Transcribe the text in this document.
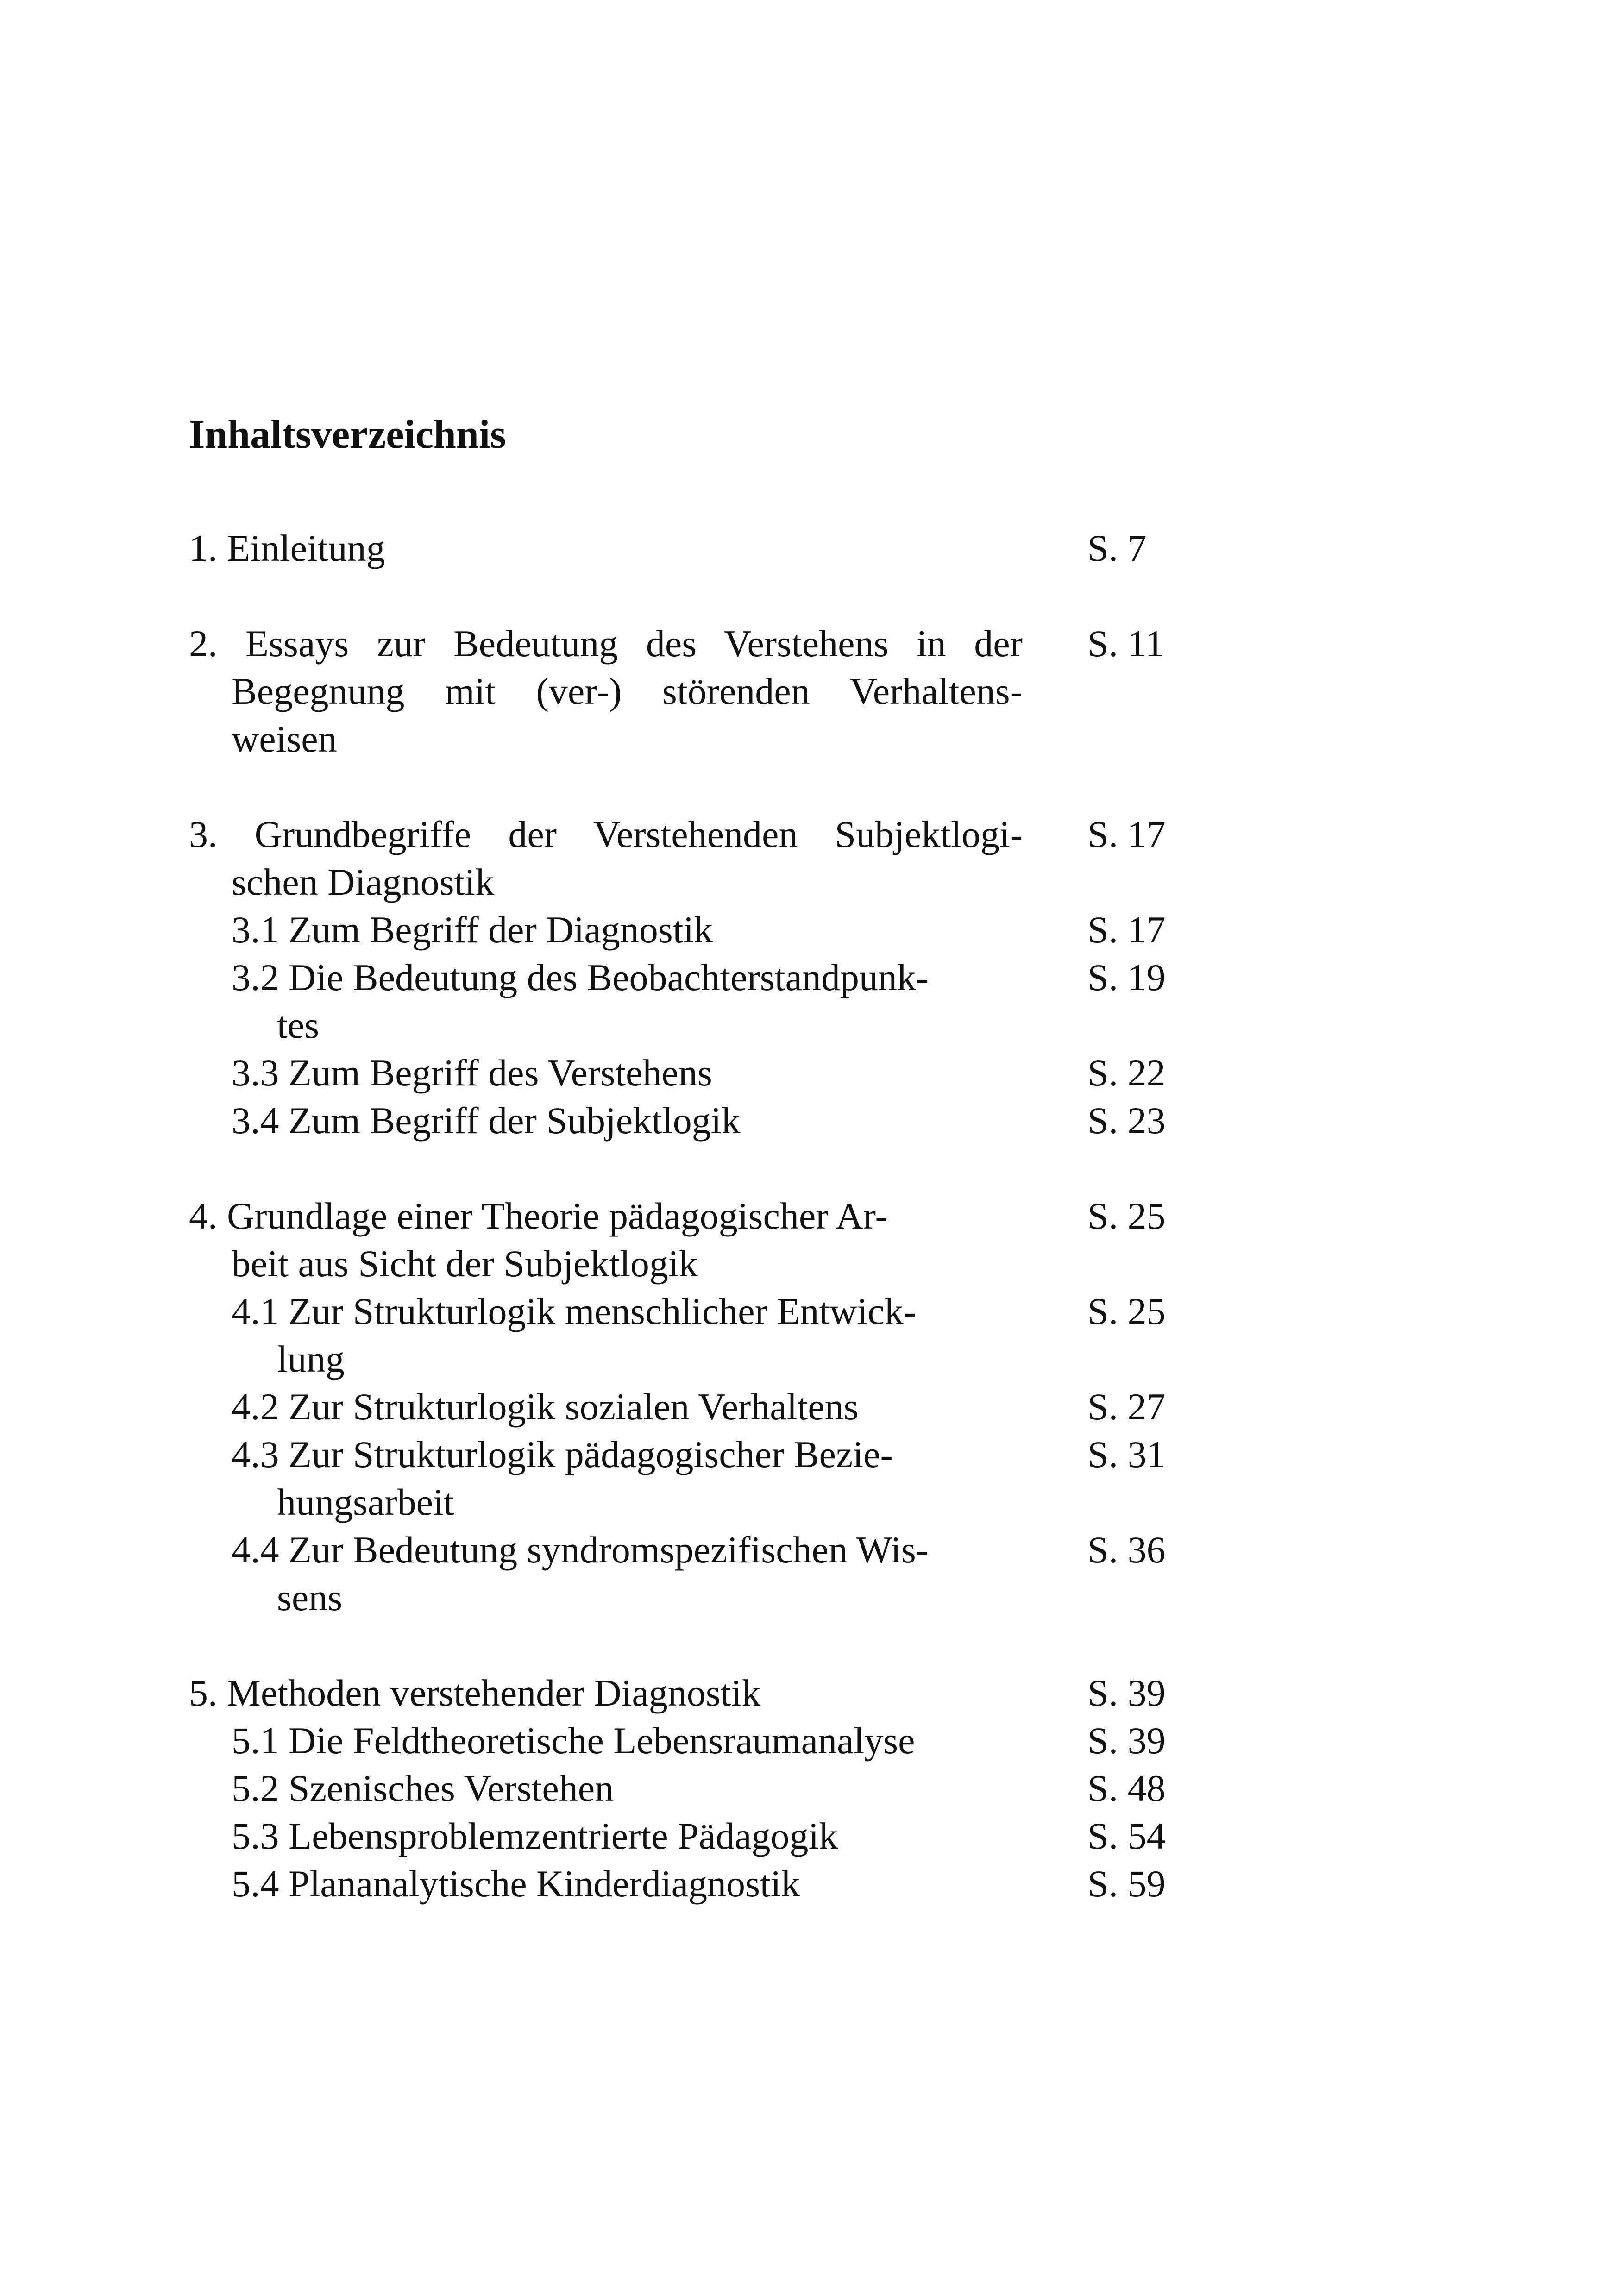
Inhaltsverzeichnis
1. Einleitung	S. 7
2. Essays zur Bedeutung des Verstehens in der S. 11
Begegnung mit (ver-) störenden Verhaltens-
weisen
3. Grundbegriffe der Verstehenden Subjektlogi- S. 17
schen Diagnostik
3.1 Zum Begriff der Diagnostik	S. 17
3.2 Die Bedeutung des Beobachterstandpunk-	S. 19
tes
3.3 Zum Begriff des Verstehens	S. 22
3.4 Zum Begriff der Subjektlogik	S. 23
4. Grundlage einer Theorie pädagogischer Ar-	S. 25
beit aus Sicht der Subjektlogik
4.1 Zur Strukturlogik menschlicher Entwick-	S. 25
lung
4.2 Zur Strukturlogik sozialen Verhaltens	S. 27
4.3 Zur Strukturlogik pädagogischer Bezie-	S. 31
hungsarbeit
4.4 Zur Bedeutung syndromspezifischen Wis-	S. 36
sens
5. Methoden verstehender Diagnostik	S. 39
5.1 Die Feldtheoretische Lebensraumanalyse	S. 39
5.2 Szenisches Verstehen	S. 48
5.3 Lebensproblemzentrierte Pädagogik	S. 54
5.4 Plananalytische Kinderdiagnostik	S. 59
